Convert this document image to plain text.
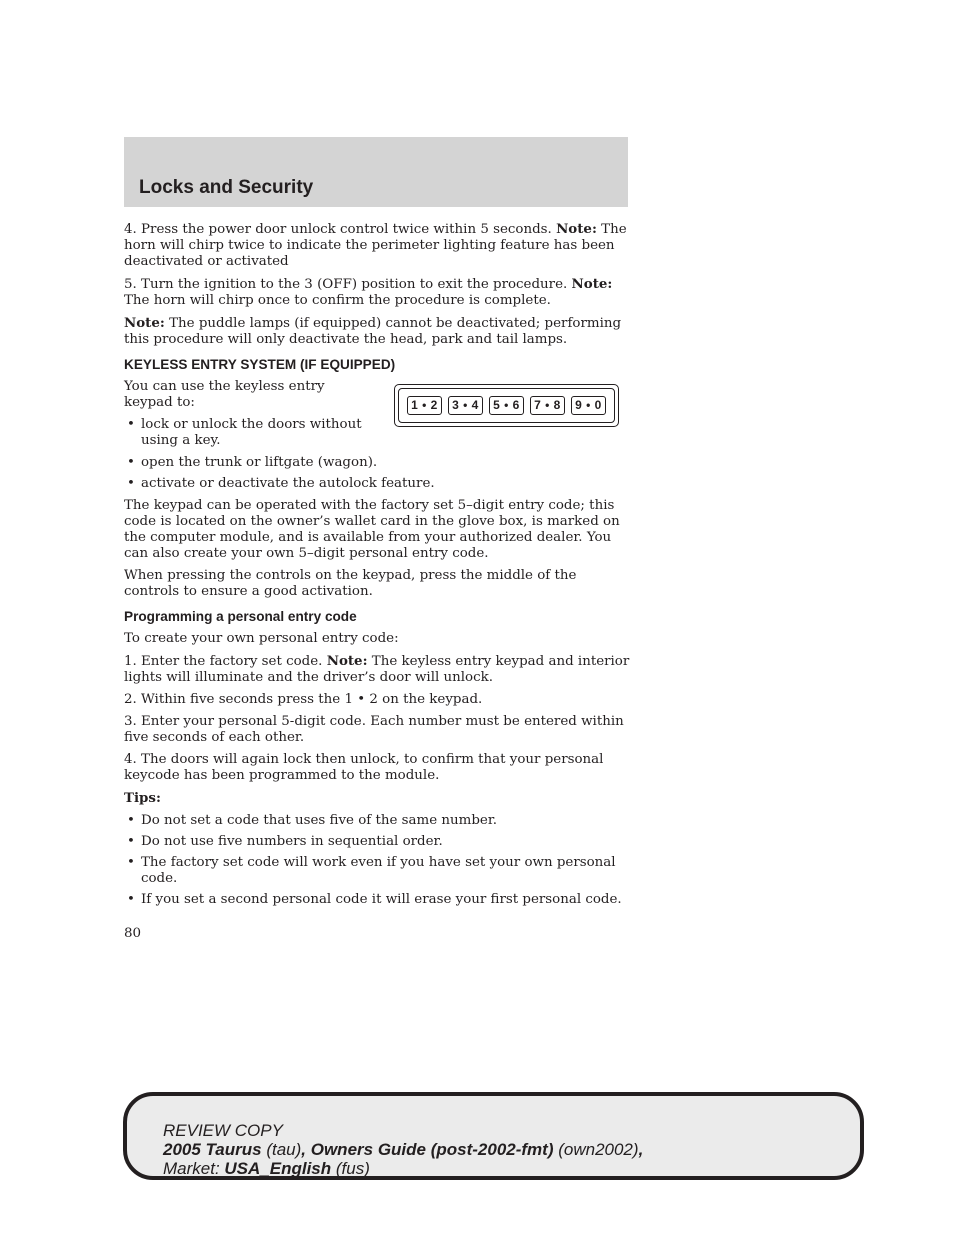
Locks and Security

4. Press the power door unlock control twice within 5 seconds. Note: The horn will chirp twice to indicate the perimeter lighting feature has been deactivated or activated

5. Turn the ignition to the 3 (OFF) position to exit the procedure. Note: The horn will chirp once to confirm the procedure is complete.

Note: The puddle lamps (if equipped) cannot be deactivated; performing this procedure will only deactivate the head, park and tail lamps.

KEYLESS ENTRY SYSTEM (IF EQUIPPED)

You can use the keyless entry keypad to:

• lock or unlock the doors without using a key.
1 • 2	3 • 4	5 • 6	7 • 8	9 • 0
• open the trunk or liftgate (wagon).
• activate or deactivate the autolock feature.

The keypad can be operated with the factory set 5–digit entry code; this code is located on the owner’s wallet card in the glove box, is marked on the computer module, and is available from your authorized dealer. You can also create your own 5–digit personal entry code.

When pressing the controls on the keypad, press the middle of the controls to ensure a good activation.

Programming a personal entry code

To create your own personal entry code:

1. Enter the factory set code. Note: The keyless entry keypad and interior lights will illuminate and the driver’s door will unlock.

2. Within five seconds press the 1 • 2 on the keypad.

3. Enter your personal 5-digit code. Each number must be entered within five seconds of each other.

4. The doors will again lock then unlock, to confirm that your personal keycode has been programmed to the module.

Tips:

• Do not set a code that uses five of the same number.
• Do not use five numbers in sequential order.
• The factory set code will work even if you have set your own personal code.
• If you set a second personal code it will erase your first personal code.
80
REVIEW COPY
2005 Taurus (tau), Owners Guide (post-2002-fmt) (own2002),
Market: USA_English (fus)
